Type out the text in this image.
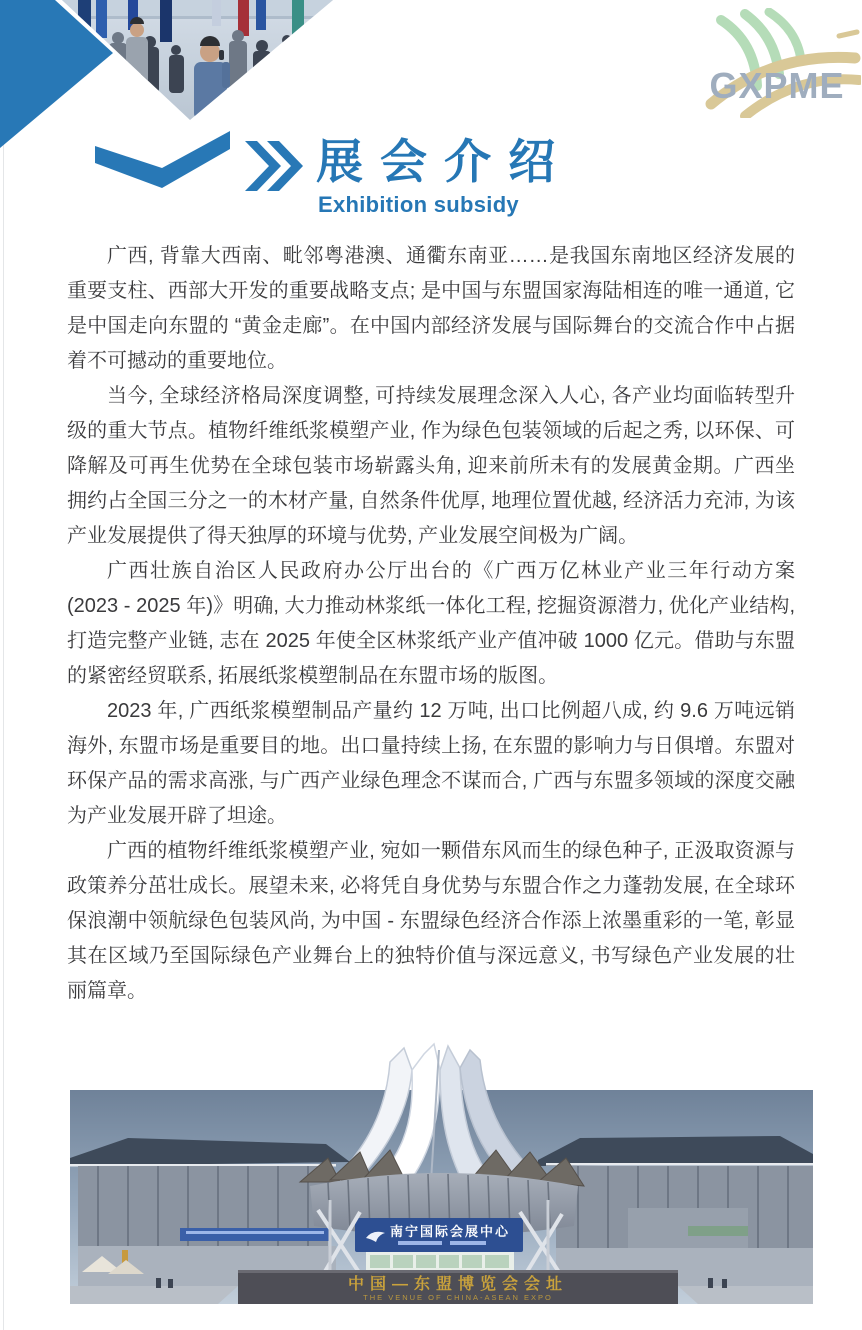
GXPME
展 会 介 绍
Exhibition subsidy

广西, 背靠大西南、毗邻粤港澳、通衢东南亚……是我国东南地区经济发展的重要支柱、西部大开发的重要战略支点; 是中国与东盟国家海陆相连的唯一通道, 它是中国走向东盟的 “黄金走廊”。在中国内部经济发展与国际舞台的交流合作中占据着不可撼动的重要地位。

当今, 全球经济格局深度调整, 可持续发展理念深入人心, 各产业均面临转型升级的重大节点。植物纤维纸浆模塑产业, 作为绿色包装领域的后起之秀, 以环保、可降解及可再生优势在全球包装市场崭露头角, 迎来前所未有的发展黄金期。广西坐拥约占全国三分之一的木材产量, 自然条件优厚, 地理位置优越, 经济活力充沛, 为该产业发展提供了得天独厚的环境与优势, 产业发展空间极为广阔。

广西壮族自治区人民政府办公厅出台的《广西万亿林业产业三年行动方案 (2023 - 2025 年)》明确, 大力推动林浆纸一体化工程, 挖掘资源潜力, 优化产业结构, 打造完整产业链, 志在 2025 年使全区林浆纸产业产值冲破 1000 亿元。借助与东盟的紧密经贸联系, 拓展纸浆模塑制品在东盟市场的版图。

2023 年, 广西纸浆模塑制品产量约 12 万吨, 出口比例超八成, 约 9.6 万吨远销海外, 东盟市场是重要目的地。出口量持续上扬, 在东盟的影响力与日俱增。东盟对环保产品的需求高涨, 与广西产业绿色理念不谋而合, 广西与东盟多领域的深度交融为产业发展开辟了坦途。

广西的植物纤维纸浆模塑产业, 宛如一颗借东风而生的绿色种子, 正汲取资源与政策养分茁壮成长。展望未来, 必将凭自身优势与东盟合作之力蓬勃发展, 在全球环保浪潮中领航绿色包装风尚, 为中国 - 东盟绿色经济合作添上浓墨重彩的一笔, 彰显其在区域乃至国际绿色产业舞台上的独特价值与深远意义, 书写绿色产业发展的壮丽篇章。

南宁国际会展中心
中国—东盟博览会会址
THE VENUE OF CHINA-ASEAN EXPO
